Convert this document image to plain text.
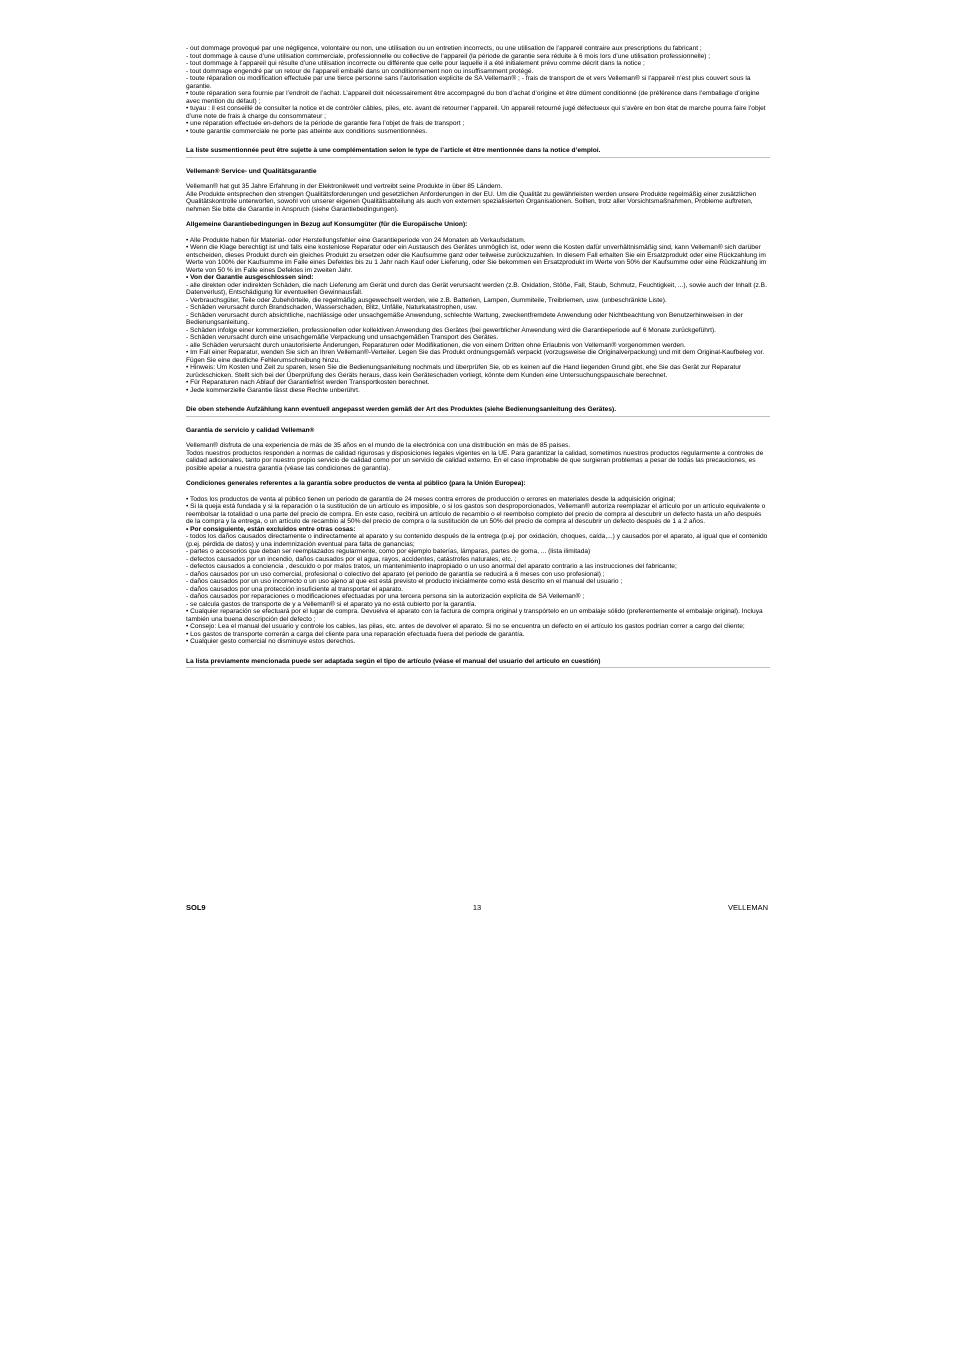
- out dommage provoqué par une négligence, volontaire ou non, une utilisation ou un entretien incorrects, ou une utilisation de l’appareil contraire aux prescriptions du fabricant ;
- tout dommage à cause d’une utilisation commerciale, professionnelle ou collective de l’appareil (la période de garantie sera réduite à 6 mois lors d’une utilisation professionnelle) ;
- tout dommage à l’appareil qui résulte d’une utilisation incorrecte ou différente que celle pour laquelle il a été initialement prévu comme décrit dans la notice ;
- tout dommage engendré par un retour de l’appareil emballé dans un conditionnement non ou insuffisamment protégé.
- toute réparation ou modification effectuée par une tierce personne sans l’autorisation explicite de SA Velleman® ; - frais de transport de et vers Velleman® si l’appareil n’est plus couvert sous la garantie.
• toute réparation sera fournie par l’endroit de l’achat. L’appareil doit nécessairement être accompagné du bon d’achat d’origine et être dûment conditionné (de préférence dans l’emballage d’origine avec mention du défaut) ;
• tuyau : il est conseillé de consulter la notice et de contrôler câbles, piles, etc. avant de retourner l’appareil. Un appareil retourné jugé défectueux qui s’avère en bon état de marche pourra faire l’objet d’une note de frais à charge du consommateur ;
• une réparation effectuée en-dehors de la période de garantie fera l’objet de frais de transport ;
• toute garantie commerciale ne porte pas atteinte aux conditions susmentionnées.

La liste susmentionnée peut être sujette à une complémentation selon le type de l’article et être mentionnée dans la notice d’emploi.

Velleman® Service- und Qualitätsgarantie

Velleman® hat gut 35 Jahre Erfahrung in der Elektronikwelt und vertreibt seine Produkte in über 85 Ländern.
Alle Produkte entsprechen den strengen Qualitätsforderungen und gesetzlichen Anforderungen in der EU. Um die Qualität zu gewährleisten werden unsere Produkte regelmäßig einer zusätzlichen Qualitätskontrolle unterworfen, sowohl von unserer eigenen Qualitätsabteilung als auch von externen spezialisierten Organisationen. Sollten, trotz aller Vorsichtsmaßnahmen, Probleme auftreten, nehmen Sie bitte die Garantie in Anspruch (siehe Garantiebedingungen).

Allgemeine Garantiebedingungen in Bezug auf Konsumgüter (für die Europäische Union):

• Alle Produkte haben für Material- oder Herstellungsfehler eine Garantieperiode von 24 Monaten ab Verkaufsdatum.
• Wenn die Klage berechtigt ist und falls eine kostenlose Reparatur oder ein Austausch des Gerätes unmöglich ist, oder wenn die Kosten dafür unverhältnismäßig sind, kann Velleman® sich darüber entscheiden, dieses Produkt durch ein gleiches Produkt zu ersetzen oder die Kaufsumme ganz oder teilweise zurückzuzahlen. In diesem Fall erhalten Sie ein Ersatzprodukt oder eine Rückzahlung im Werte von 100% der Kaufsumme im Falle eines Defektes bis zu 1 Jahr nach Kauf oder Lieferung, oder Sie bekommen ein Ersatzprodukt im Werte von 50% der Kaufsumme oder eine Rückzahlung im Werte von 50 % im Falle eines Defektes im zweiten Jahr.

• Von der Garantie ausgeschlossen sind:

- alle direkten oder indirekten Schäden, die nach Lieferung am Gerät und durch das Gerät verursacht werden (z.B. Oxidation, Stöße, Fall, Staub, Schmutz, Feuchtigkeit, ...), sowie auch der Inhalt (z.B. Datenverlust), Entschädigung für eventuellen Gewinnausfall.
- Verbrauchsgüter, Teile oder Zubehörteile, die regelmäßig ausgewechselt werden, wie z.B. Batterien, Lampen, Gummiteile, Treibriemen, usw. (unbeschränkte Liste).
- Schäden verursacht durch Brandschaden, Wasserschaden, Blitz, Unfälle, Naturkatastrophen, usw.
- Schäden verursacht durch absichtliche, nachlässige oder unsachgemäße Anwendung, schlechte Wartung, zweckentfremdete Anwendung oder Nichtbeachtung von Benutzerhinweisen in der Bedienungsanleitung.
- Schäden infolge einer kommerziellen, professionellen oder kollektiven Anwendung des Gerätes (bei gewerblicher Anwendung wird die Garantieperiode auf 6 Monate zurückgeführt).
- Schäden verursacht durch eine unsachgemäße Verpackung und unsachgemäßen Transport des Gerätes.
- alle Schäden verursacht durch unautorisierte Änderungen, Reparaturen oder Modifikationen, die von einem Dritten ohne Erlaubnis von Velleman® vorgenommen werden.
• Im Fall einer Reparatur, wenden Sie sich an Ihren Velleman®-Verteiler. Legen Sie das Produkt ordnungsgemäß verpackt (vorzugsweise die Originalverpackung) und mit dem Original-Kaufbeleg vor. Fügen Sie eine deutliche Fehlerumschreibung hinzu.
• Hinweis: Um Kosten und Zeit zu sparen, lesen Sie die Bedienungsanleitung nochmals und überprüfen Sie, ob es keinen auf die Hand liegenden Grund gibt, ehe Sie das Gerät zur Reparatur zurückschicken. Stellt sich bei der Überprüfung des Geräts heraus, dass kein Geräteschaden vorliegt, könnte dem Kunden eine Untersuchungspauschale berechnet.
• Für Reparaturen nach Ablauf der Garantiefrist werden Transportkosten berechnet.
• Jede kommerzielle Garantie lässt diese Rechte unberührt.

Die oben stehende Aufzählung kann eventuell angepasst werden gemäß der Art des Produktes (siehe Bedienungsanleitung des Gerätes).

Garantía de servicio y calidad Velleman®

Velleman® disfruta de una experiencia de más de 35 años en el mundo de la electrónica con una distribución en más de 85 países.
Todos nuestros productos responden a normas de calidad rigurosas y disposiciones legales vigentes en la UE. Para garantizar la calidad, sometimos nuestros productos regularmente a controles de calidad adicionales, tanto por nuestro propio servicio de calidad como por un servicio de calidad externo. En el caso improbable de que surgieran problemas a pesar de todas las precauciones, es posible apelar a nuestra garantía (véase las condiciones de garantía).

Condiciones generales referentes a la garantía sobre productos de venta al público (para la Unión Europea):

• Todos los productos de venta al público tienen un periodo de garantía de 24 meses contra errores de producción o errores en materiales desde la adquisición original;
• Si la queja está fundada y si la reparación o la sustitución de un artículo es imposible, o si los gastos son desproporcionados, Velleman® autoriza reemplazar el artículo por un artículo equivalente o reembolsar la totalidad o una parte del precio de compra. En este caso, recibirá un artículo de recambio o el reembolso completo del precio de compra al descubrir un defecto hasta un año después de la compra y la entrega, o un artículo de recambio al 50% del precio de compra o la sustitución de un 50% del precio de compra al descubrir un defecto después de 1 a 2 años.

• Por consiguiente, están excluidos entre otras cosas:

- todos los daños causados directamente o indirectamente al aparato y su contenido después de la entrega (p.ej. por oxidación, choques, caída,...) y causados por el aparato, al igual que el contenido (p.ej. pérdida de datos) y una indemnización eventual para falta de ganancias;
- partes o accesorios que deban ser reemplazados regularmente, como por ejemplo baterías, lámparas, partes de goma, ... (lista ilimitada)
- defectos causados por un incendio, daños causados por el agua, rayos, accidentes, catástrofes naturales, etc. ;
- defectos causados a conciencia , descuido o por malos tratos, un mantenimiento inapropiado o un uso anormal del aparato contrario a las instrucciones del fabricante;
- daños causados por un uso comercial, profesional o colectivo del aparato (el periodo de garantía se reducirá a 6 meses con uso profesional) ;
- daños causados por un uso incorrecto o un uso ajeno al que est está previsto el producto inicialmente como está descrito en el manual del usuario ;
- daños causados por una protección insuficiente al transportar el aparato.
- daños causados por reparaciones o modificaciones efectuadas por una tercera persona sin la autorización explícita de SA Velleman® ;
- se calcula gastos de transporte de y a Velleman® si el aparato ya no está cubierto por la garantía.
• Cualquier reparación se efectuará por el lugar de compra. Devuelva el aparato con la factura de compra original y transpórtelo en un embalaje sólido (preferentemente el embalaje original). Incluya también una buena descripción del defecto ;
• Consejo: Lea el manual del usuario y controle los cables, las pilas, etc. antes de devolver el aparato. Si no se encuentra un defecto en el artículo los gastos podrían correr a cargo del cliente;
• Los gastos de transporte correrán a carga del cliente para una reparación efectuada fuera del periode de garantía.
• Cualquier gesto comercial no disminuye estos derechos.

La lista previamente mencionada puede ser adaptada según el tipo de artículo (véase el manual del usuario del artículo en cuestión)

SOL9	13	VELLEMAN
